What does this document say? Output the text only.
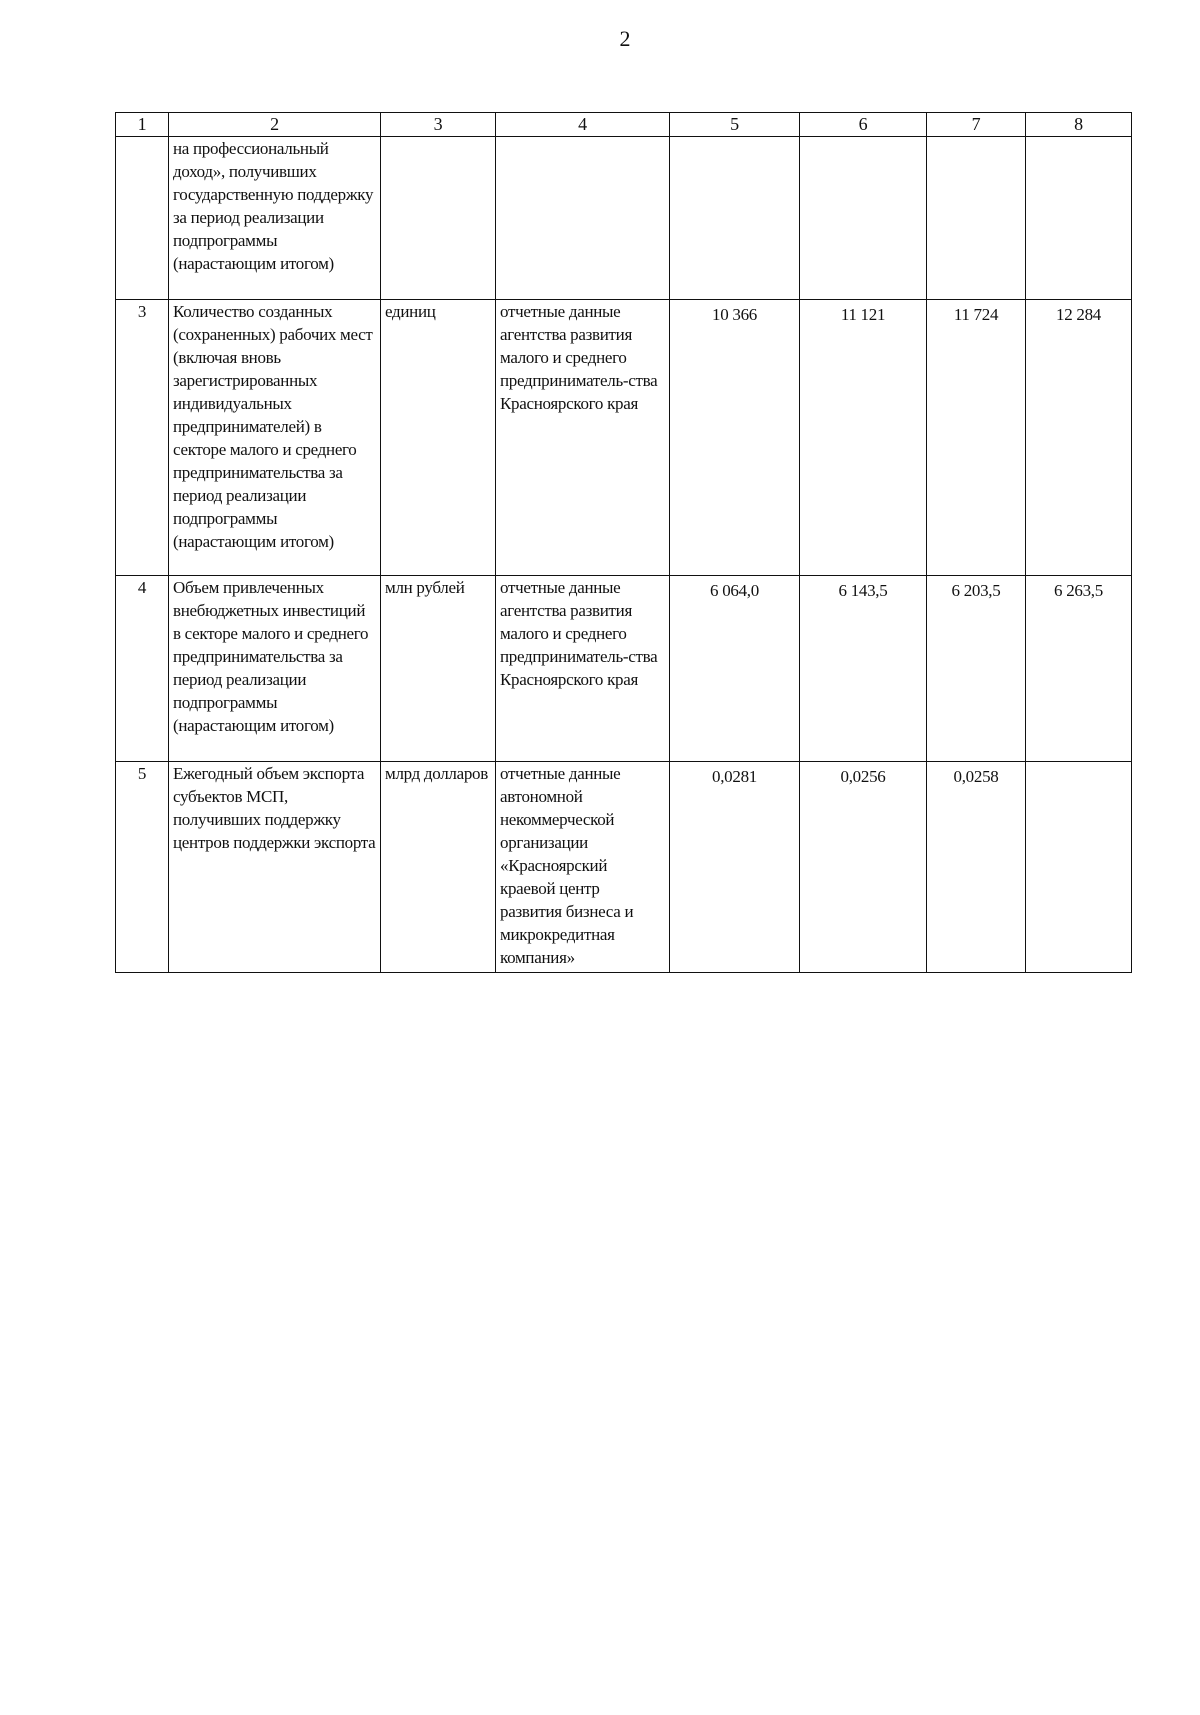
2
1	2	3	4	5	6	7	8
	на профессиональный доход», получивших государственную поддержку за период реализации подпрограммы (нарастающим итогом)						
3	Количество созданных (сохраненных) рабочих мест (включая вновь зарегистрированных индивидуальных предпринимателей) в секторе малого и среднего предпринимательства за период реализации подпрограммы (нарастающим итогом)	единиц	отчетные данные агентства развития малого и среднего предприниматель-ства Красноярского края	10 366	11 121	11 724	12 284
4	Объем привлеченных внебюджетных инвестиций в секторе малого и среднего предпринимательства за период реализации подпрограммы (нарастающим итогом)	млн рублей	отчетные данные агентства развития малого и среднего предприниматель-ства Красноярского края	6 064,0	6 143,5	6 203,5	6 263,5
5	Ежегодный объем экспорта субъектов МСП, получивших поддержку центров поддержки экспорта	млрд долларов	отчетные данные автономной некоммерческой организации «Красноярский краевой центр развития бизнеса и микрокредитная компания»	0,0281	0,0256	0,0258	
